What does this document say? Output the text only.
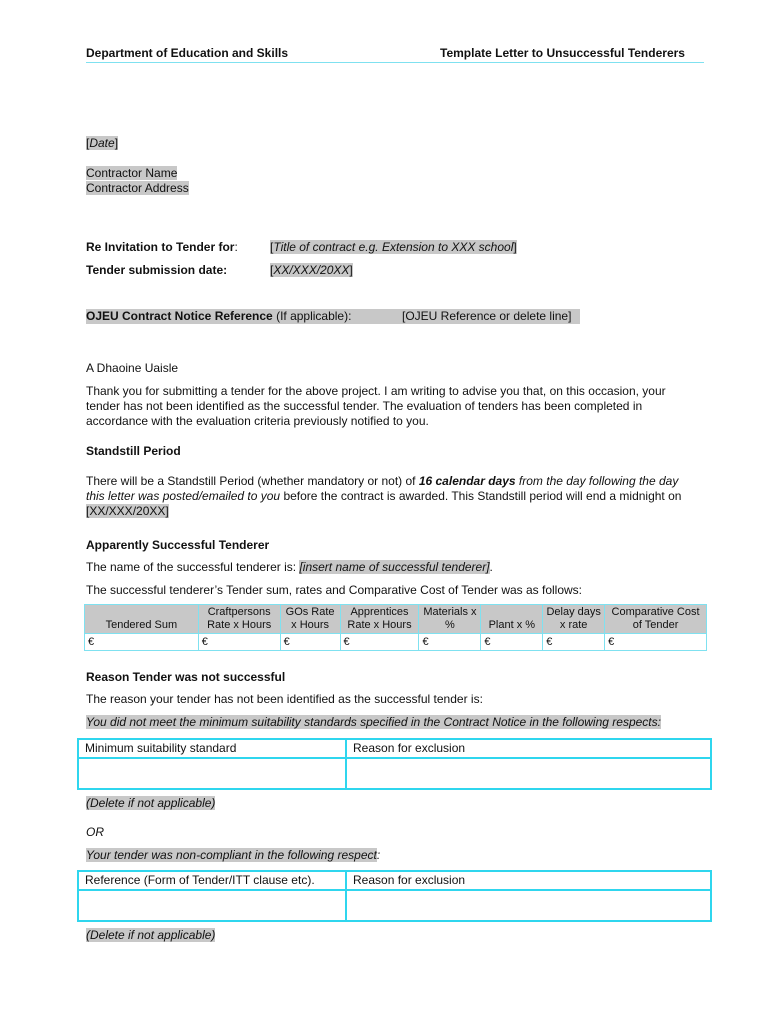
Department of Education and Skills	Template Letter to Unsuccessful Tenderers
[Date]
Contractor Name
Contractor Address
Re Invitation to Tender for:	[Title of contract e.g. Extension to XXX school]
Tender submission date:	[XX/XXX/20XX]
OJEU Contract Notice Reference (If applicable):	[OJEU Reference or delete line]
A Dhaoine Uaisle
Thank you for submitting a tender for the above project. I am writing to advise you that, on this occasion, your tender has not been identified as the successful tender. The evaluation of tenders has been completed in accordance with the evaluation criteria previously notified to you.
Standstill Period
There will be a Standstill Period (whether mandatory or not) of 16 calendar days from the day following the day this letter was posted/emailed to you before the contract is awarded. This Standstill period will end a midnight on [XX/XXX/20XX]
Apparently Successful Tenderer
The name of the successful tenderer is: [insert name of successful tenderer].
The successful tenderer’s Tender sum, rates and Comparative Cost of Tender was as follows:
Tendered Sum	Craftpersons Rate x Hours	GOs Rate x Hours	Apprentices Rate x Hours	Materials x %	Plant x %	Delay days x rate	Comparative Cost of Tender
€	€	€	€	€	€	€	€
Reason Tender was not successful
The reason your tender has not been identified as the successful tender is:
You did not meet the minimum suitability standards specified in the Contract Notice in the following respects:
Minimum suitability standard	Reason for exclusion

(Delete if not applicable)
OR
Your tender was non-compliant in the following respect:
Reference (Form of Tender/ITT clause etc).	Reason for exclusion

(Delete if not applicable)
